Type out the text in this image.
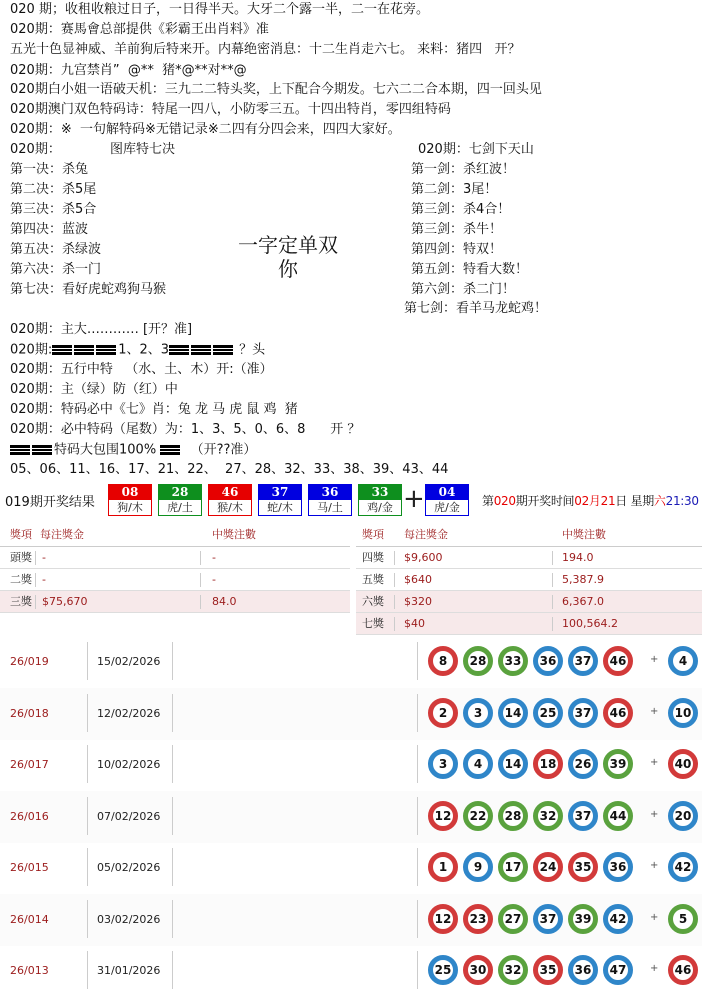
020 期；收租收粮过日子，一日得半天。大牙二个露一半，二一在花旁。
020期：赛馬會总部提供《彩霸王出肖料》准
五光十色显神威、羊前狗后特来开。内幕绝密消息：十二生肖走六七。 来料：猪四   开？
020期：九宫禁肖”  @**  猪*@**对**@
020期白小姐一语破天机：三九二二特头奖，上下配合今期发。七六二二合本期，四一回头见
020期澳门双色特码诗：特尾一四八，小防零三五。十四出特肖，零四组特码
020期：※  一句解特码※无错记录※二四有分四会来，四四大家好。
020期：	图库特七决
第一决：杀兔
第二决：杀5尾
第三决：杀5合
第四决：蓝波
第五决：杀绿波
第六决：杀一门
第七决：看好虎蛇鸡狗马猴
一字定单双
你
020期：七剑下天山
第一剑：杀红波！
第二剑：3尾！
第三剑：杀4合！
第三剑：杀牛！
第四剑：特双！
第五剑：特看大数！
第六剑：杀二门！
第七剑：看羊马龙蛇鸡！
020期：主大………… [开？准]
020期:	1、2、3	？头
020期：五行中特   （水、土、木）开:（准）
020期：主（绿）防（红）中
020期：特码必中《七》肖：兔 龙 马 虎 鼠 鸡  猪
020期：必中特码（尾数）为：1、3、5、0、6、8      开 ？
特码大包围100%   （开??准）
05、06、11、16、17、21、22、  27、28、32、33、38、39、43、44
019期开奖结果
08
狗/木
28
虎/土
46
猴/木
37
蛇/木
36
马/土
33
鸡/金 +	04
虎/金	第020期开奖时间02月21日 星期六21:30
獎項 每注獎金	中獎注數	獎項 每注獎金	中獎注數
頭獎 -	-
二獎 -	-
三獎 $75,670	84.0
四獎 $9,600	194.0
五獎 $640	5,387.9
六獎 $320	6,367.0
七獎 $40	100,564.2
26/019	15/02/2026	8	28	33	36	37	46	+	4
26/018	12/02/2026	2	3	14	25	37	46	+	10
26/017	10/02/2026	3	4	14	18	26	39	+	40
26/016	07/02/2026	12	22	28	32	37	44	+	20
26/015	05/02/2026	1	9	17	24	35	36	+	42
26/014	03/02/2026	12	23	27	37	39	42	+	5
26/013	31/01/2026	25	30	32	35	36	47	+	46
